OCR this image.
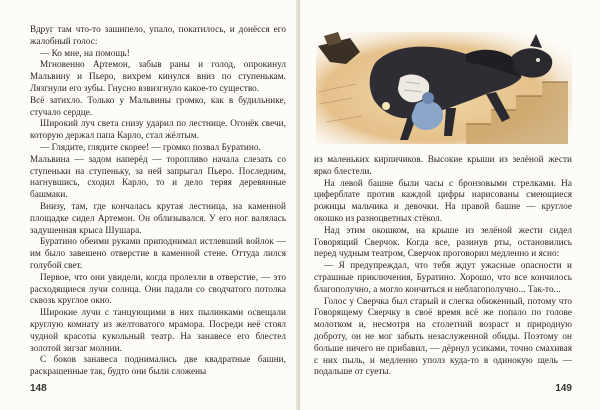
Вдруг там что-то зашипело, упало, покатилось, и донёсся его жалобный голос:

— Ко мне, на помощь!

Мгновенно Артемон, забыв раны и голод, опрокинул Мальвину и Пьеро, вихрем кинулся вниз по ступенькам. Лязгнули его зубы. Гнусно взвизгнуло какое-то существо.

Всё затихло. Только у Мальвины громко, как в будильнике, стучало сердце.

Широкий луч света снизу ударил по лестнице. Огонёк свечи, которую держал папа Карло, стал жёлтым.

— Глядите, глядите скорее! — громко позвал Буратино.

Мальвина — задом наперёд — торопливо начала слезать со ступеньки на ступеньку, за ней запрыгал Пьеро. Последним, нагнувшись, сходил Карло, то и дело теряя деревянные башмаки.

Внизу, там, где кончалась крутая лестница, на каменной площадке сидел Артемон. Он облизывался. У его ног валялась задушенная крыса Шушара.

Буратино обеими руками приподнимал истлевший войлок — им было завешено отверстие в каменной стене. Оттуда лился голубой свет.

Первое, что они увидели, когда пролезли в отверстие, — это расходящиеся лучи солнца. Они падали со сводчатого потолка сквозь круглое окно.

Широкие лучи с танцующими в них пылинками освещали круглую комнату из желтоватого мрамора. Посреди неё стоял чудной красоты кукольный театр. На занавесе его блестел золотой зигзаг молнии.

С боков занавеса поднимались две квадратные башни, раскрашенные так, будто они были сложены

148

из маленьких кирпичиков. Высокие крыши из зелёной жести ярко блестели.

На левой башне были часы с бронзовыми стрелками. На циферблате против каждой цифры нарисованы смеющиеся рожицы мальчика и девочки. На правой башне — круглое окошко из разноцветных стёкол.

Над этим окошком, на крыше из зелёной жести сидел Говорящий Сверчок. Когда все, разинув рты, остановились перед чудным театром, Сверчок проговорил медленно и ясно:

— Я предупреждал, что тебя ждут ужасные опасности и страшные приключения, Буратино. Хорошо, что все кончилось благополучно, а могло кончиться и неблагополучно... Так-то...

Голос у Сверчка был старый и слегка обиженный, потому что Говорящему Сверчку в своё время всё же попало по голове молотком и, несмотря на столетний возраст и природную доброту, он не мог забыть незаслуженной обиды. Поэтому он больше ничего не прибавил, — дёрнул усиками, точно смахивая с них пыль, и медленно уполз куда-то в одинокую щель — подальше от суеты.

149
